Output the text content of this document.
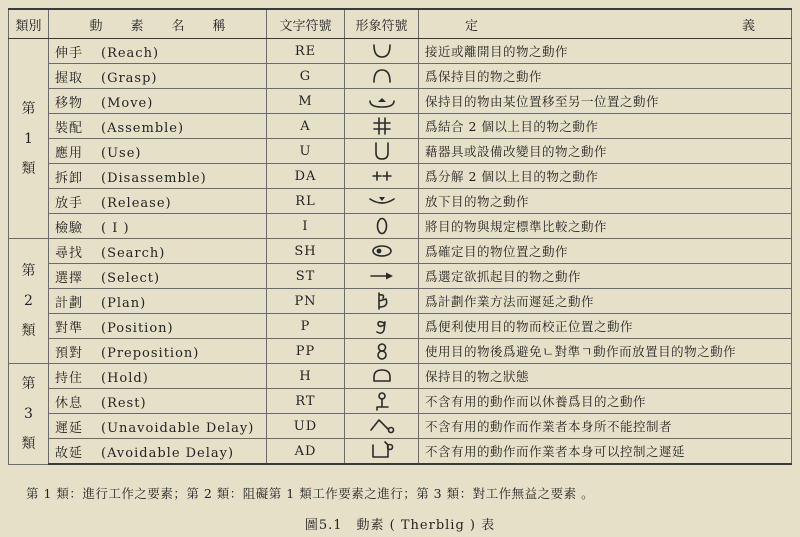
類別	動 素 名 稱	文字符號	形象符號	定 義

第
1
類	伸手 (Reach)	RE		接近或離開目的物之動作
	握取 (Grasp)	G		爲保持目的物之動作
	移物 (Move)	M		保持目的物由某位置移至另一位置之動作
	裝配 (Assemble)	A		爲結合 2 個以上目的物之動作
	應用 (Use)	U		藉器具或設備改變目的物之動作
	拆卸 (Disassemble)	DA		爲分解 2 個以上目的物之動作
	放手 (Release)	RL		放下目的物之動作
	檢驗 ( I )	I		將目的物與規定標準比較之動作

第
2
類	尋找 (Search)	SH		爲確定目的物位置之動作
	選擇 (Select)	ST		爲選定欲抓起目的物之動作
	計劃 (Plan)	PN		爲計劃作業方法而遲延之動作
	對準 (Position)	P		爲便利使用目的物而校正位置之動作
	預對 (Preposition)	PP		使用目的物後爲避免ㄴ對準ㄱ動作而放置目的物之動作

第
3
類	持住 (Hold)	H		保持目的物之狀態
	休息 (Rest)	RT		不含有用的動作而以休養爲目的之動作
	遲延 (Unavoidable Delay)	UD		不含有用的動作而作業者本身所不能控制者
	故延 (Avoidable Delay)	AD		不含有用的動作而作業者本身可以控制之遲延
第 1 類：進行工作之要素；第 2 類：阻礙第 1 類工作要素之進行；第 3 類：對工作無益之要素 。
圖5.1　動素 ( Therblig ) 表
